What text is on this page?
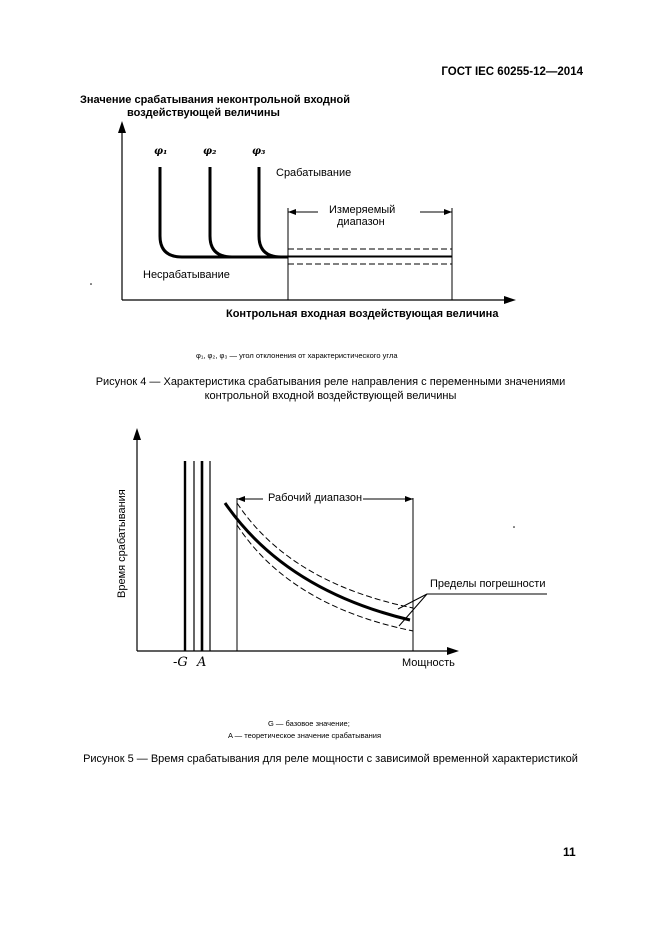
ГОСТ IEC 60255-12—2014
Значение срабатывания неконтрольной входной
воздействующей величины
φ₁	φ₂	φ₃
Срабатывание
Измеряемый
диапазон
Несрабатывание
Контрольная входная воздействующая величина
φ₁, φ₂, φ₃ — угол отклонения от характеристического угла
Рисунок 4 — Характеристика срабатывания реле направления с переменными значениями
контрольной входной воздействующей величины
Время срабатывания	Рабочий диапазон
Пределы погрешности
-G A	Мощность
G — базовое значение;
A — теоретическое значение срабатывания
Рисунок 5 — Время срабатывания для реле мощности с зависимой временной характеристикой
11
